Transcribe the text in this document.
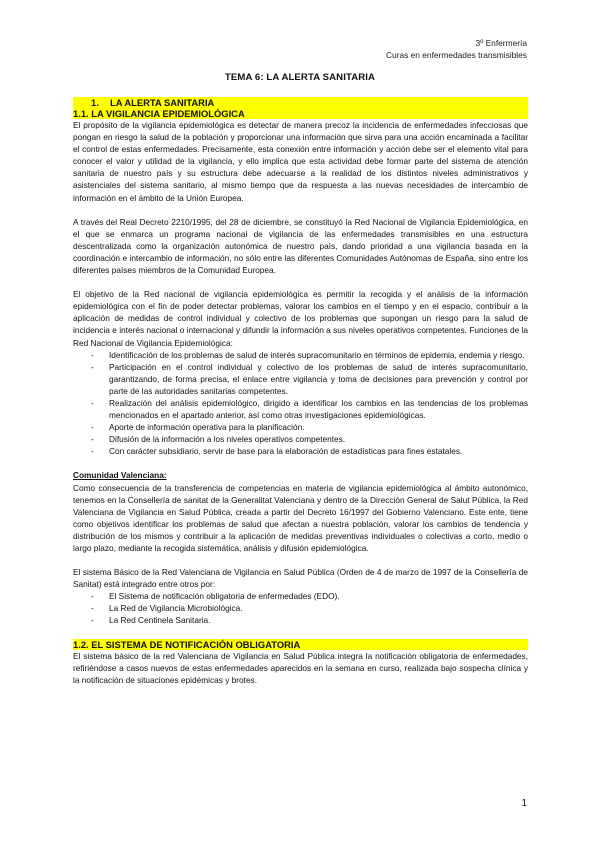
3º Enfermería
Curas en enfermedades transmisibles
TEMA 6: LA ALERTA SANITARIA
1. LA ALERTA SANITARIA
1.1. LA VIGILANCIA EPIDEMIOLÓGICA

El propósito de la vigilancia epidemiológica es detectar de manera precoz la incidencia de enfermedades infecciosas que pongan en riesgo la salud de la población y proporcionar una información que sirva para una acción encaminada a facilitar el control de estas enfermedades. Precisamente, esta conexión entre información y acción debe ser el elemento vital para conocer el valor y utilidad de la vigilancia, y ello implica que esta actividad debe formar parte del sistema de atención sanitaria de nuestro país y su estructura debe adecuarse a la realidad de los distintos niveles administrativos y asistenciales del sistema sanitario, al mismo tiempo que da respuesta a las nuevas necesidades de intercambio de información en el ámbito de la Unión Europea.

A través del Real Decreto 2210/1995, del 28 de diciembre, se constituyó la Red Nacional de Vigilancia Epidemiológica, en el que se enmarca un programa nacional de vigilancia de las enfermedades transmisibles en una estructura descentralizada como la organización autonómica de nuestro país, dando prioridad a una vigilancia basada en la coordinación e intercambio de información, no sólo entre las diferentes Comunidades Autónomas de España, sino entre los diferentes países miembros de la Comunidad Europea.

El objetivo de la Red nacional de vigilancia epidemiológica es permitir la recogida y el análisis de la información epidemiológica con el fin de poder detectar problemas, valorar los cambios en el tiempo y en el espacio, contribuir a la aplicación de medidas de control individual y colectivo de los problemas que supongan un riesgo para la salud de incidencia e interés nacional o internacional y difundir la información a sus niveles operativos competentes. Funciones de la Red Nacional de Vigilancia Epidemiológica:

- Identificación de los problemas de salud de interés supracomunitario en términos de epidemia, endemia y riesgo.
- Participación en el control individual y colectivo de los problemas de salud de interés supracomunitario, garantizando, de forma precisa, el enlace entre vigilancia y toma de decisiones para prevención y control por parte de las autoridades sanitarias competentes.
- Realización del análisis epidemiológico, dirigido a identificar los cambios en las tendencias de los problemas mencionados en el apartado anterior, así como otras investigaciones epidemiológicas.
- Aporte de información operativa para la planificación.
- Difusión de la información a los niveles operativos competentes.
- Con carácter subsidiario, servir de base para la elaboración de estadísticas para fines estatales.

Comunidad Valenciana:

Como consecuencia de la transferencia de competencias en materia de vigilancia epidemiológica al ámbito autonómico, tenemos en la Consellería de sanitat de la Generalitat Valenciana y dentro de la Dirección General de Salut Pública, la Red Valenciana de Vigilancia en Salud Pública, creada a partir del Decreto 16/1997 del Gobierno Valenciano. Este ente, tiene como objetivos identificar los problemas de salud que afectan a nuestra población, valorar los cambios de tendencia y distribución de los mismos y contribuir a la aplicación de medidas preventivas individuales o colectivas a corto, medio o largo plazo, mediante la recogida sistemática, análisis y difusión epidemiológica.

El sistema Básico de la Red Valenciana de Vigilancia en Salud Pública (Orden de 4 de marzo de 1997 de la Consellería de Sanitat) está integrado entre otros por:

- El Sistema de notificación obligatoria de enfermedades (EDO).
- La Red de Vigilancia Microbiológica.
- La Red Centinela Sanitaria.
1.2. EL SISTEMA DE NOTIFICACIÓN OBLIGATORIA

El sistema básico de la red Valenciana de Vigilancia en Salud Pública integra la notificación obligatoria de enfermedades, refiriéndose a casos nuevos de estas enfermedades aparecidos en la semana en curso, realizada bajo sospecha clínica y la notificación de situaciones epidémicas y brotes.

1
